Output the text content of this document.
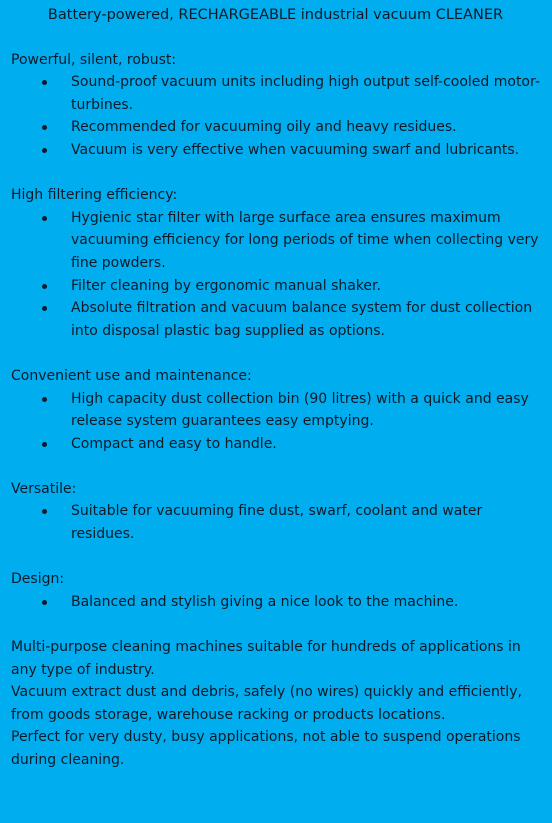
Battery-powered, RECHARGEABLE industrial vacuum CLEANER
Powerful, silent, robust:
Sound-proof vacuum units including high output self-cooled motor-turbines.
Recommended for vacuuming oily and heavy residues.
Vacuum is very effective when vacuuming swarf and lubricants.
High filtering efficiency:
Hygienic star filter with large surface area ensures maximum vacuuming efficiency for long periods of time when collecting very fine powders.
Filter cleaning by ergonomic manual shaker.
Absolute filtration and vacuum balance system for dust collection into disposal plastic bag supplied as options.
Convenient use and maintenance:
High capacity dust collection bin (90 litres) with a quick and easy release system guarantees easy emptying.
Compact and easy to handle.
Versatile:
Suitable for vacuuming fine dust, swarf, coolant and water residues.
Design:
Balanced and stylish giving a nice look to the machine.

Multi-purpose cleaning machines suitable for hundreds of applications in any type of industry.

Vacuum extract dust and debris, safely (no wires) quickly and efficiently, from goods storage, warehouse racking or products locations.

Perfect for very dusty, busy applications, not able to suspend operations during cleaning.
